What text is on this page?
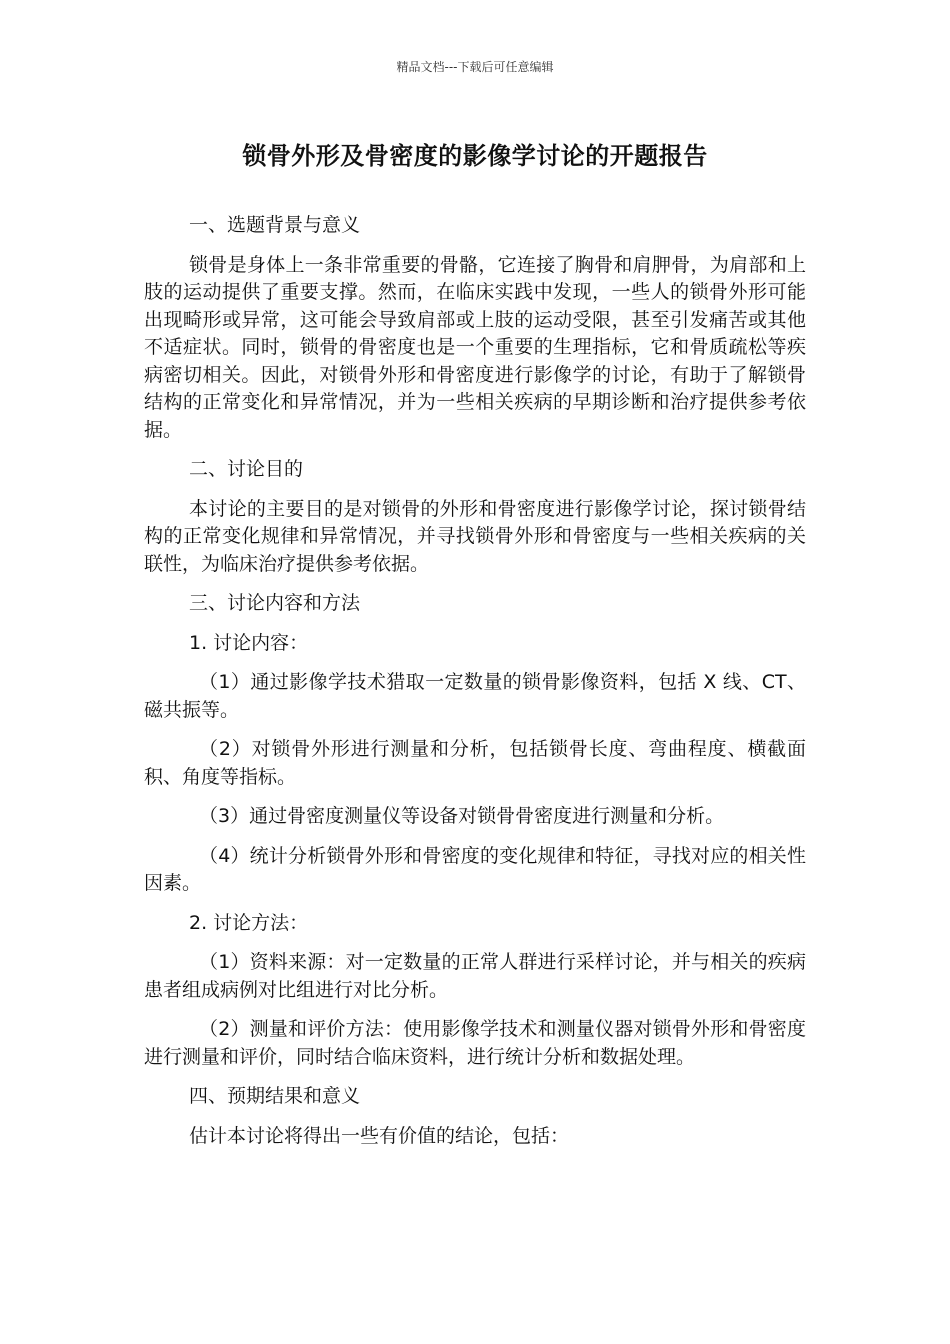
精品文档---下载后可任意编辑
锁骨外形及骨密度的影像学讨论的开题报告

一、选题背景与意义

锁骨是身体上一条非常重要的骨骼，它连接了胸骨和肩胛骨，为肩部和上肢的运动提供了重要支撑。然而，在临床实践中发现，一些人的锁骨外形可能出现畸形或异常，这可能会导致肩部或上肢的运动受限，甚至引发痛苦或其他不适症状。同时，锁骨的骨密度也是一个重要的生理指标，它和骨质疏松等疾病密切相关。因此，对锁骨外形和骨密度进行影像学的讨论，有助于了解锁骨结构的正常变化和异常情况，并为一些相关疾病的早期诊断和治疗提供参考依据。

二、讨论目的

本讨论的主要目的是对锁骨的外形和骨密度进行影像学讨论，探讨锁骨结构的正常变化规律和异常情况，并寻找锁骨外形和骨密度与一些相关疾病的关联性，为临床治疗提供参考依据。

三、讨论内容和方法

1. 讨论内容：

（1）通过影像学技术猎取一定数量的锁骨影像资料，包括 X 线、CT、磁共振等。

（2）对锁骨外形进行测量和分析，包括锁骨长度、弯曲程度、横截面积、角度等指标。

（3）通过骨密度测量仪等设备对锁骨骨密度进行测量和分析。

（4）统计分析锁骨外形和骨密度的变化规律和特征，寻找对应的相关性因素。

2. 讨论方法：

（1）资料来源：对一定数量的正常人群进行采样讨论，并与相关的疾病患者组成病例对比组进行对比分析。

（2）测量和评价方法：使用影像学技术和测量仪器对锁骨外形和骨密度进行测量和评价，同时结合临床资料，进行统计分析和数据处理。

四、预期结果和意义

估计本讨论将得出一些有价值的结论，包括：
